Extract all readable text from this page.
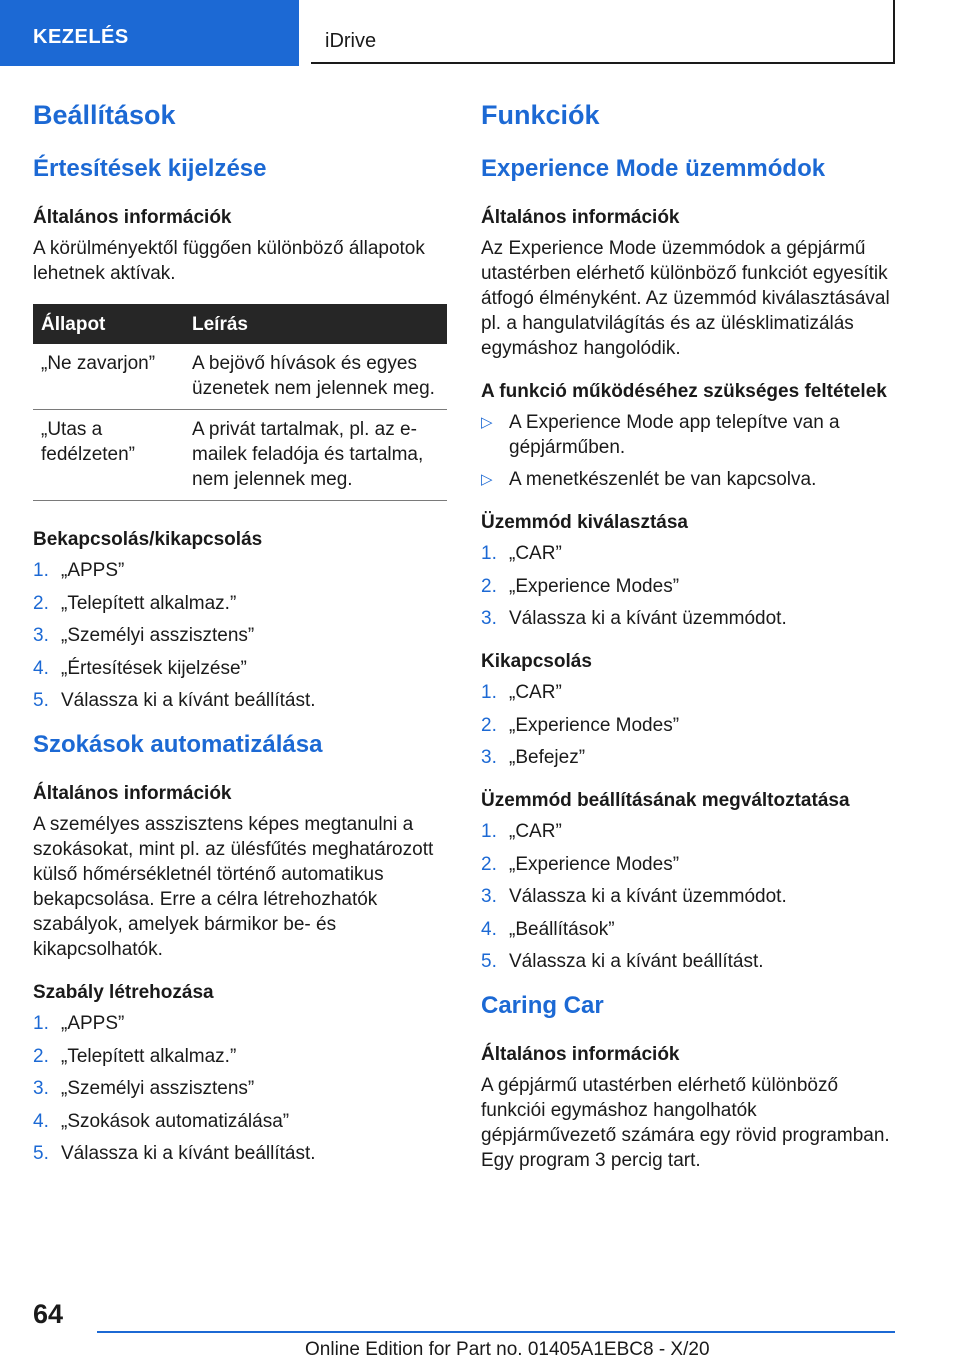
KEZELÉS	iDrive
Beállítások
Értesítések kijelzése
Általános információk

A körülményektől függően különböző állapotok lehetnek aktívak.

Állapot	Leírás
„Ne zavarjon”	A bejövő hívások és egyes üzenetek nem jelennek meg.
„Utas a fedélzeten”	A privát tartalmak, pl. az e-mailek feladója és tartalma, nem jelennek meg.
Bekapcsolás/kikapcsolás
1. „APPS”
2. „Telepített alkalmaz.”
3. „Személyi asszisztens”
4. „Értesítések kijelzése”
5. Válassza ki a kívánt beállítást.
Szokások automatizálása
Általános információk

A személyes asszisztens képes megtanulni a szokásokat, mint pl. az ülésfűtés meghatározott külső hőmérsékletnél történő automatikus bekapcsolása. Erre a célra létrehozhatók szabályok, amelyek bármikor be- és kikapcsolhatók.

Szabály létrehozása
1. „APPS”
2. „Telepített alkalmaz.”
3. „Személyi asszisztens”
4. „Szokások automatizálása”
5. Válassza ki a kívánt beállítást.
Funkciók
Experience Mode üzemmódok
Általános információk

Az Experience Mode üzemmódok a gépjármű utastérben elérhető különböző funkciót egyesítik átfogó élményként. Az üzemmód kiválasztásával pl. a hangulatvilágítás és az ülésklimatizálás egymáshoz hangolódik.

A funkció működéséhez szükséges feltételek
▷ A Experience Mode app telepítve van a gépjárműben.
▷ A menetkészenlét be van kapcsolva.
Üzemmód kiválasztása
1. „CAR”
2. „Experience Modes”
3. Válassza ki a kívánt üzemmódot.
Kikapcsolás
1. „CAR”
2. „Experience Modes”
3. „Befejez”
Üzemmód beállításának megváltoztatása
1. „CAR”
2. „Experience Modes”
3. Válassza ki a kívánt üzemmódot.
4. „Beállítások”
5. Válassza ki a kívánt beállítást.
Caring Car
Általános információk

A gépjármű utastérben elérhető különböző funkciói egymáshoz hangolhatók gépjárművezető számára egy rövid programban. Egy program 3 percig tart.

64
Online Edition for Part no. 01405A1EBC8 - X/20
